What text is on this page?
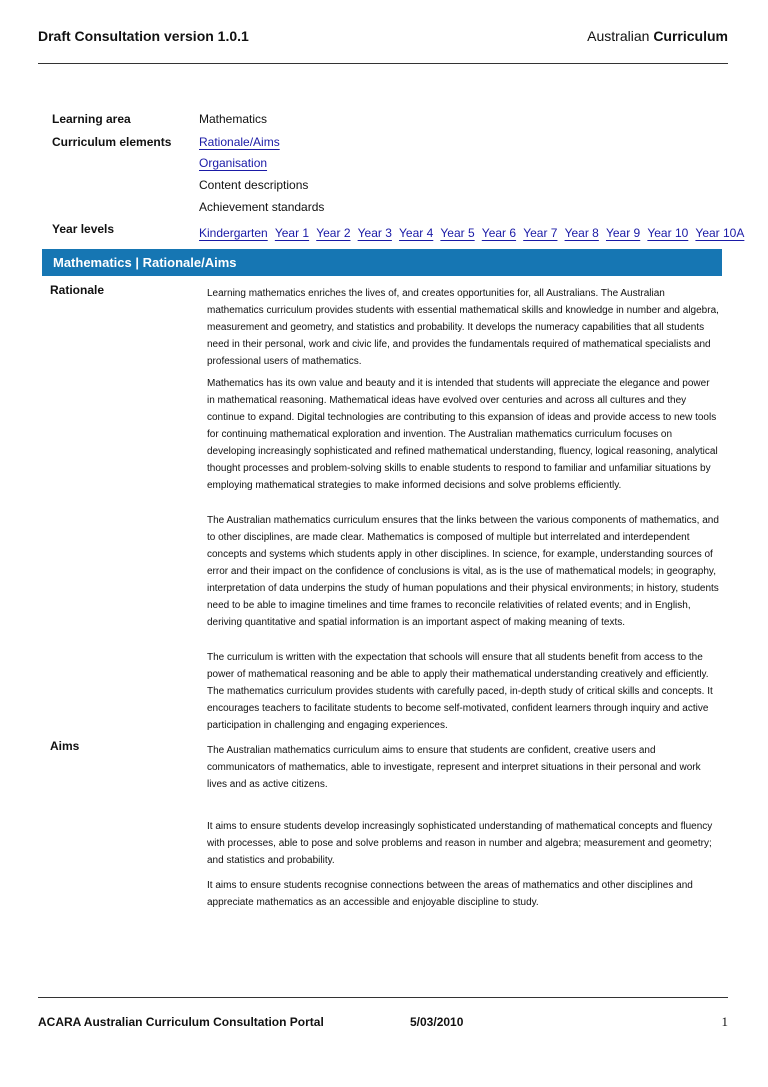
Draft Consultation version 1.0.1	Australian Curriculum
Learning area	Mathematics
Curriculum elements Rationale/Aims
Organisation
Content descriptions
Achievement standards
Year levels	Kindergarten Year 1 Year 2 Year 3 Year 4 Year 5 Year 6 Year 7 Year 8 Year 9 Year 10 Year 10A
Mathematics | Rationale/Aims
Rationale	Learning mathematics enriches the lives of, and creates opportunities for, all Australians. The Australian mathematics curriculum provides students with essential mathematical skills and knowledge in number and algebra, measurement and geometry, and statistics and probability. It develops the numeracy capabilities that all students need in their personal, work and civic life, and provides the fundamentals required of mathematical specialists and professional users of mathematics.

Mathematics has its own value and beauty and it is intended that students will appreciate the elegance and power in mathematical reasoning. Mathematical ideas have evolved over centuries and across all cultures and they continue to expand. Digital technologies are contributing to this expansion of ideas and provide access to new tools for continuing mathematical exploration and invention. The Australian mathematics curriculum focuses on developing increasingly sophisticated and refined mathematical understanding, fluency, logical reasoning, analytical thought processes and problem-solving skills to enable students to respond to familiar and unfamiliar situations by employing mathematical strategies to make informed decisions and solve problems efficiently.

The Australian mathematics curriculum ensures that the links between the various components of mathematics, and to other disciplines, are made clear. Mathematics is composed of multiple but interrelated and interdependent concepts and systems which students apply in other disciplines. In science, for example, understanding sources of error and their impact on the confidence of conclusions is vital, as is the use of mathematical models; in geography, interpretation of data underpins the study of human populations and their physical environments; in history, students need to be able to imagine timelines and time frames to reconcile relativities of related events; and in English, deriving quantitative and spatial information is an important aspect of making meaning of texts.

The curriculum is written with the expectation that schools will ensure that all students benefit from access to the power of mathematical reasoning and be able to apply their mathematical understanding creatively and efficiently. The mathematics curriculum provides students with carefully paced, in-depth study of critical skills and concepts. It encourages teachers to facilitate students to become self-motivated, confident learners through inquiry and active participation in challenging and engaging experiences.

Aims	The Australian mathematics curriculum aims to ensure that students are confident, creative users and communicators of mathematics, able to investigate, represent and interpret situations in their personal and work lives and as active citizens.

It aims to ensure students develop increasingly sophisticated understanding of mathematical concepts and fluency with processes, able to pose and solve problems and reason in number and algebra; measurement and geometry; and statistics and probability.

It aims to ensure students recognise connections between the areas of mathematics and other disciplines and appreciate mathematics as an accessible and enjoyable discipline to study.

ACARA Australian Curriculum Consultation Portal	5/03/2010	1
